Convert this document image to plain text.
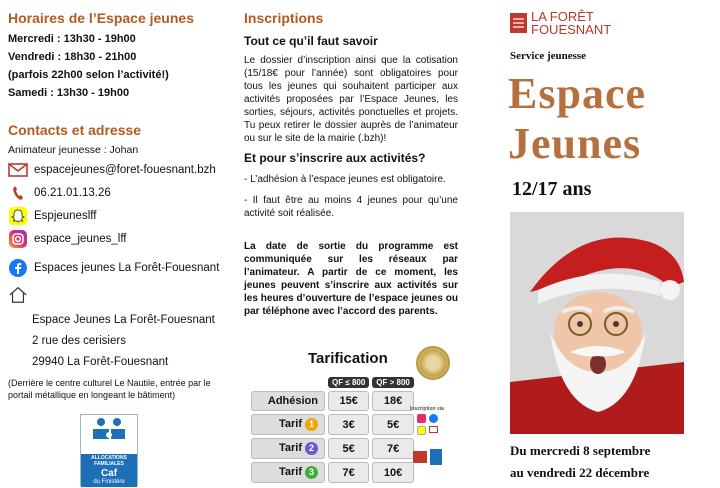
Horaires de l’Espace jeunes
Mercredi : 13h30 - 19h00
Vendredi : 18h30 - 21h00
(parfois 22h00 selon l’activité!)
Samedi : 13h30 - 19h00
Contacts et adresse
Animateur jeunesse : Johan
espacejeunes@foret-fouesnant.bzh
06.21.01.13.26
Espjeuneslff
espace_jeunes_lff
Espaces jeunes La Forêt-Fouesnant
Espace Jeunes La Forêt-Fouesnant
2 rue des cerisiers
29940 La Forêt-Fouesnant
(Derrière le centre culturel Le Nautile, entrée par le portail métallique en longeant le bâtiment)
ALLOCATIONS FAMILIALES
Caf
du Finistère
Inscriptions
Tout ce qu’il faut savoir
Le dossier d’inscription ainsi que la cotisation (15/18€ pour l’année) sont obligatoires pour tous les jeunes qui souhaitent participer aux activités proposées par l’Espace Jeunes, les sorties, séjours, activités ponctuelles et projets. Tu peux retirer le dossier auprès de l’animateur ou sur le site de la mairie (.bzh)!
Et pour s’inscrire aux activités?
- L’adhésion à l’espace jeunes est obligatoire.
- Il faut être au moins 4 jeunes pour qu’une activité soit réalisée.
La date de sortie du programme est communiquée sur les réseaux par l’animateur. A partir de ce moment, les jeunes peuvent s’inscrire aux activités sur les heures d’ouverture de l’espace jeunes ou par téléphone avec l’accord des parents.
Tarification
	QF ≤ 800	QF > 800
Adhésion	15€	18€
Tarif 1	3€	5€
Tarif 2	5€	7€
Tarif 3	7€	10€
Inscription via
LA FORÊT
FOUESNANT
Service jeunesse
Espace
Jeunes
12/17 ans
Du mercredi 8 septembre
au vendredi 22 décembre
